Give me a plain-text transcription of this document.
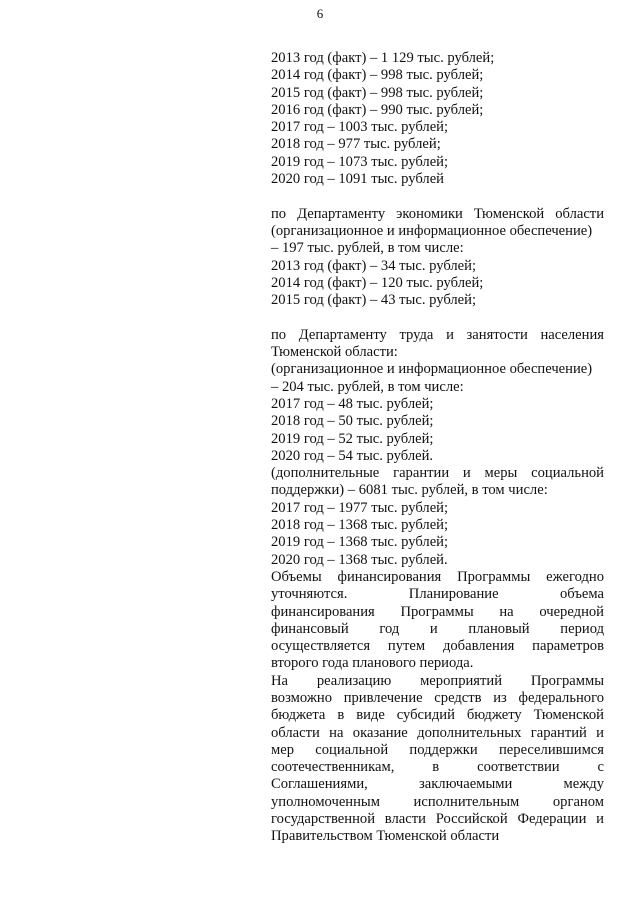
6
2013 год (факт) – 1 129 тыс. рублей;
2014 год (факт) – 998 тыс. рублей;
2015 год (факт) – 998 тыс. рублей;
2016 год (факт) – 990 тыс. рублей;
2017 год – 1003 тыс. рублей;
2018 год – 977 тыс. рублей;
2019 год – 1073 тыс. рублей;
2020 год – 1091 тыс. рублей
по Департаменту экономики Тюменской области
(организационное и информационное обеспечение)
– 197 тыс. рублей, в том числе:
2013 год (факт) – 34 тыс. рублей;
2014 год (факт) – 120 тыс. рублей;
2015 год (факт) – 43 тыс. рублей;
по Департаменту труда и занятости населения
Тюменской области:
(организационное и информационное обеспечение)
– 204 тыс. рублей, в том числе:
2017 год – 48 тыс. рублей;
2018 год – 50 тыс. рублей;
2019 год – 52 тыс. рублей;
2020 год – 54 тыс. рублей.
(дополнительные гарантии и меры социальной
поддержки) – 6081 тыс. рублей, в том числе:
2017 год – 1977 тыс. рублей;
2018 год – 1368 тыс. рублей;
2019 год – 1368 тыс. рублей;
2020 год – 1368 тыс. рублей.
Объемы финансирования Программы ежегодно
уточняются. Планирование объема
финансирования Программы на очередной
финансовый год и плановый период
осуществляется путем добавления параметров
второго года планового периода.
На реализацию мероприятий Программы
возможно привлечение средств из федерального
бюджета в виде субсидий бюджету Тюменской
области на оказание дополнительных гарантий и
мер социальной поддержки переселившимся
соотечественникам, в соответствии с
Соглашениями, заключаемыми между
уполномоченным исполнительным органом
государственной власти Российской Федерации и
Правительством Тюменской области
